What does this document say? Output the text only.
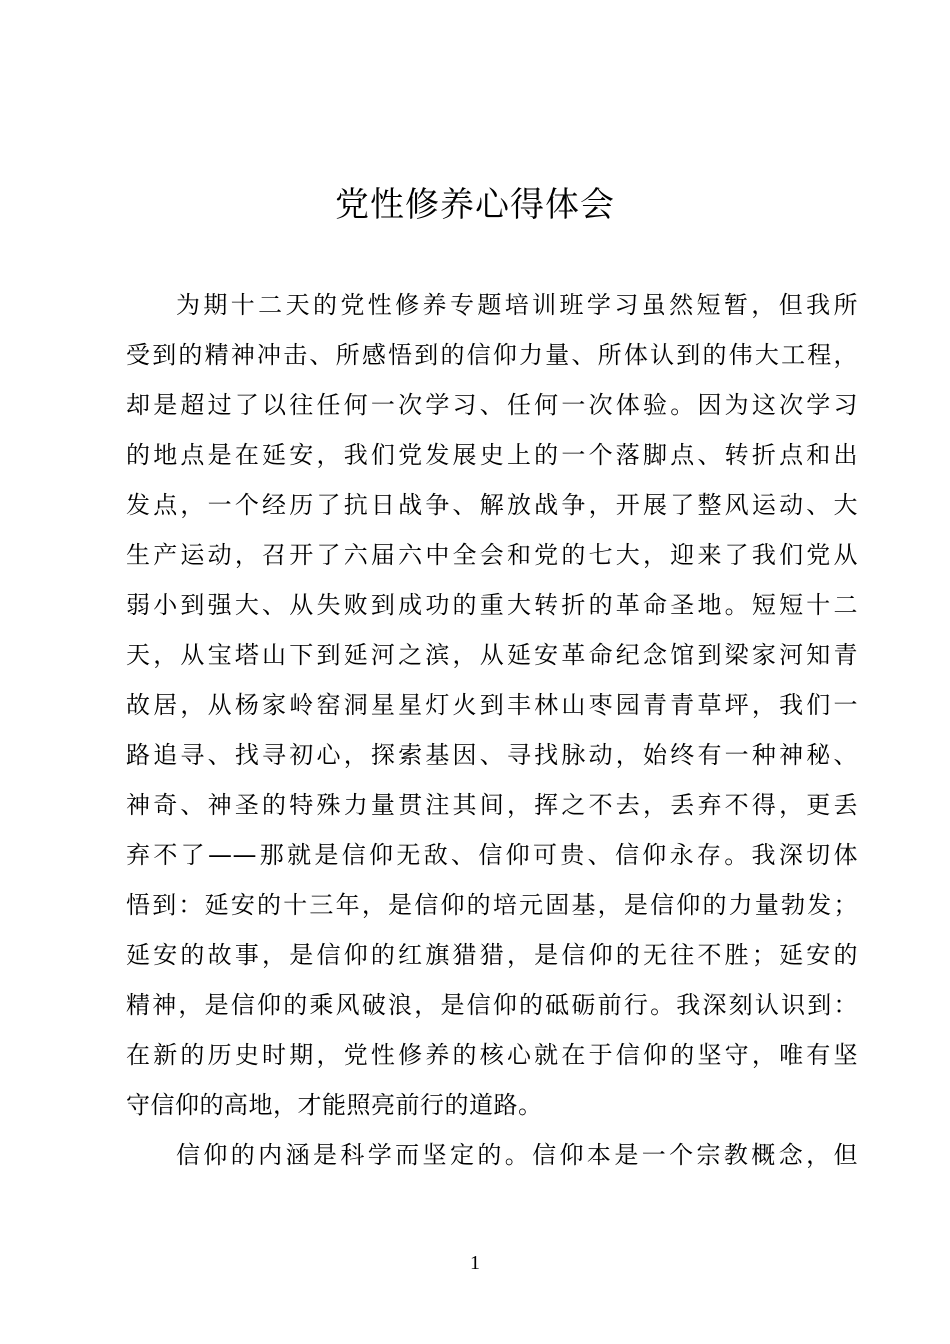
党性修养心得体会
为期十二天的党性修养专题培训班学习虽然短暂，但我所
受到的精神冲击、所感悟到的信仰力量、所体认到的伟大工程，
却是超过了以往任何一次学习、任何一次体验。因为这次学习
的地点是在延安，我们党发展史上的一个落脚点、转折点和出
发点，一个经历了抗日战争、解放战争，开展了整风运动、大
生产运动，召开了六届六中全会和党的七大，迎来了我们党从
弱小到强大、从失败到成功的重大转折的革命圣地。短短十二
天，从宝塔山下到延河之滨，从延安革命纪念馆到梁家河知青
故居，从杨家岭窑洞星星灯火到丰林山枣园青青草坪，我们一
路追寻、找寻初心，探索基因、寻找脉动，始终有一种神秘、
神奇、神圣的特殊力量贯注其间，挥之不去，丢弃不得，更丢
弃不了——那就是信仰无敌、信仰可贵、信仰永存。我深切体
悟到：延安的十三年，是信仰的培元固基，是信仰的力量勃发；
延安的故事，是信仰的红旗猎猎，是信仰的无往不胜；延安的
精神，是信仰的乘风破浪，是信仰的砥砺前行。我深刻认识到：
在新的历史时期，党性修养的核心就在于信仰的坚守，唯有坚
守信仰的高地，才能照亮前行的道路。
信仰的内涵是科学而坚定的。信仰本是一个宗教概念，但
1
